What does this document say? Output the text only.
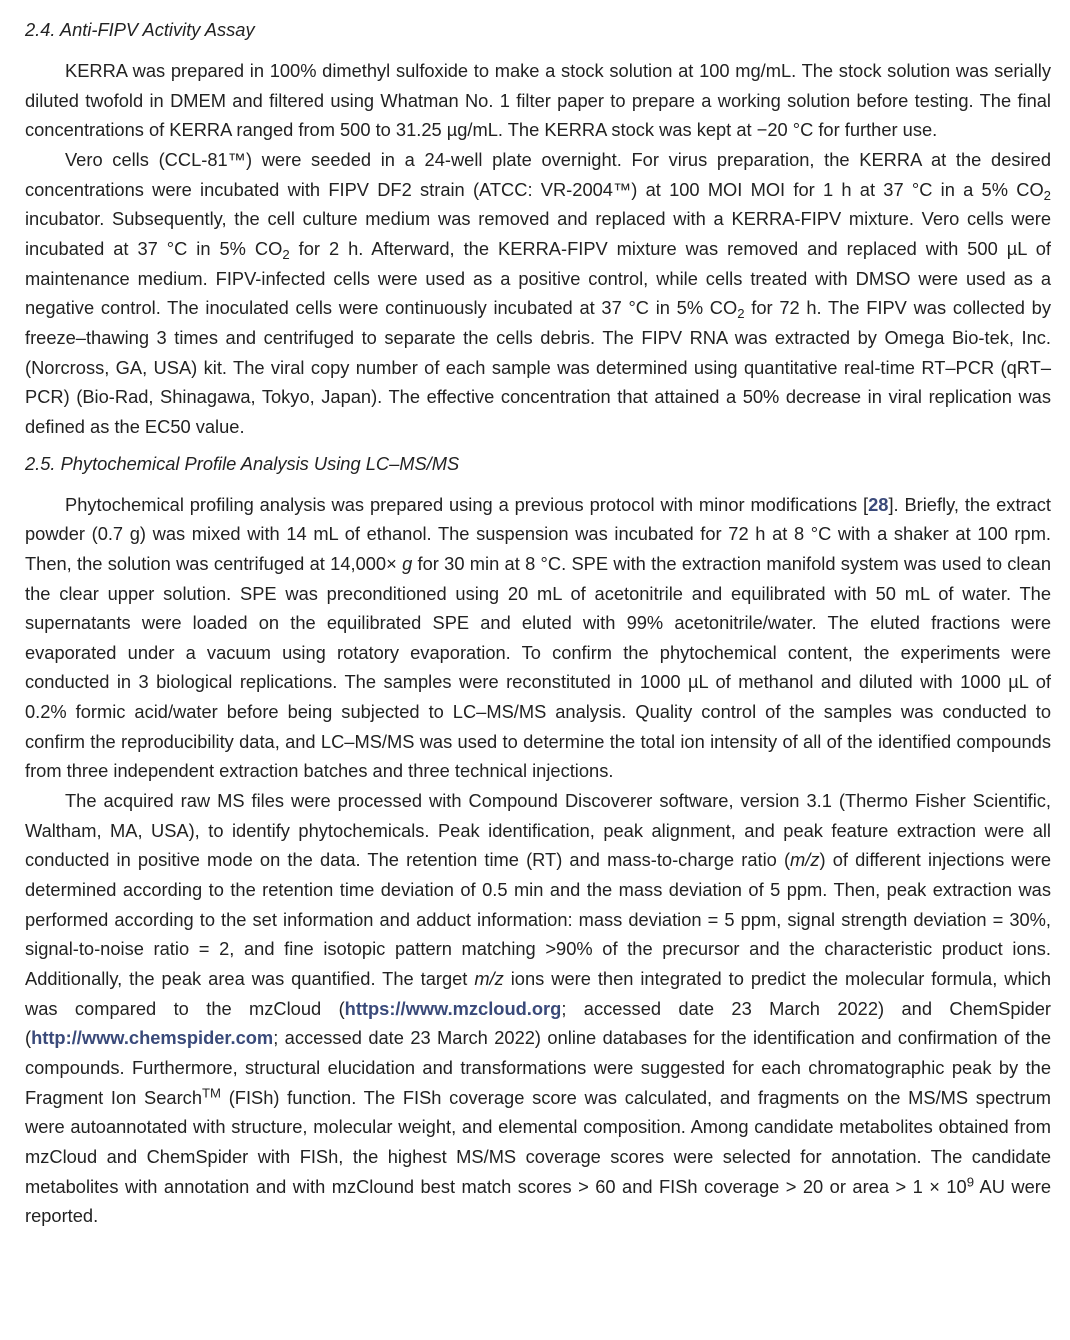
2.4. Anti-FIPV Activity Assay

KERRA was prepared in 100% dimethyl sulfoxide to make a stock solution at 100 mg/mL. The stock solution was serially diluted twofold in DMEM and filtered using Whatman No. 1 filter paper to prepare a working solution before testing. The final concentrations of KERRA ranged from 500 to 31.25 µg/mL. The KERRA stock was kept at −20 °C for further use.

Vero cells (CCL-81™) were seeded in a 24-well plate overnight. For virus preparation, the KERRA at the desired concentrations were incubated with FIPV DF2 strain (ATCC: VR-2004™) at 100 MOI MOI for 1 h at 37 °C in a 5% $CO_2$ incubator. Subsequently, the cell culture medium was removed and replaced with a KERRA-FIPV mixture. Vero cells were incubated at 37 °C in 5% $CO_2$ for 2 h. Afterward, the KERRA-FIPV mixture was removed and replaced with 500 µL of maintenance medium. FIPV-infected cells were used as a positive control, while cells treated with DMSO were used as a negative control. The inoculated cells were continuously incubated at 37 °C in 5% $CO_2$ for 72 h. The FIPV was collected by freeze–thawing 3 times and centrifuged to separate the cells debris. The FIPV RNA was extracted by Omega Bio-tek, Inc. (Norcross, GA, USA) kit. The viral copy number of each sample was determined using quantitative real-time RT–PCR (qRT–PCR) (Bio-Rad, Shinagawa, Tokyo, Japan). The effective concentration that attained a 50% decrease in viral replication was defined as the EC50 value.

2.5. Phytochemical Profile Analysis Using LC–MS/MS

Phytochemical profiling analysis was prepared using a previous protocol with minor modifications [28]. Briefly, the extract powder (0.7 g) was mixed with 14 mL of ethanol. The suspension was incubated for 72 h at 8 °C with a shaker at 100 rpm. Then, the solution was centrifuged at 14,000× g for 30 min at 8 °C. SPE with the extraction manifold system was used to clean the clear upper solution. SPE was preconditioned using 20 mL of acetonitrile and equilibrated with 50 mL of water. The supernatants were loaded on the equilibrated SPE and eluted with 99% acetonitrile/water. The eluted fractions were evaporated under a vacuum using rotatory evaporation. To confirm the phytochemical content, the experiments were conducted in 3 biological replications. The samples were reconstituted in 1000 µL of methanol and diluted with 1000 µL of 0.2% formic acid/water before being subjected to LC–MS/MS analysis. Quality control of the samples was conducted to confirm the reproducibility data, and LC–MS/MS was used to determine the total ion intensity of all of the identified compounds from three independent extraction batches and three technical injections.

The acquired raw MS files were processed with Compound Discoverer software, version 3.1 (Thermo Fisher Scientific, Waltham, MA, USA), to identify phytochemicals. Peak identification, peak alignment, and peak feature extraction were all conducted in positive mode on the data. The retention time (RT) and mass-to-charge ratio (m/z) of different injections were determined according to the retention time deviation of 0.5 min and the mass deviation of 5 ppm. Then, peak extraction was performed according to the set information and adduct information: mass deviation = 5 ppm, signal strength deviation = 30%, signal-to-noise ratio = 2, and fine isotopic pattern matching >90% of the precursor and the characteristic product ions. Additionally, the peak area was quantified. The target m/z ions were then integrated to predict the molecular formula, which was compared to the mzCloud (https://www.mzcloud.org; accessed date 23 March 2022) and ChemSpider (http://www.chemspider.com; accessed date 23 March 2022) online databases for the identification and confirmation of the compounds. Furthermore, structural elucidation and transformations were suggested for each chromatographic peak by the Fragment Ion Search™ (FISh) function. The FISh coverage score was calculated, and fragments on the MS/MS spectrum were autoannotated with structure, molecular weight, and elemental composition. Among candidate metabolites obtained from mzCloud and ChemSpider with FISh, the highest MS/MS coverage scores were selected for annotation. The candidate metabolites with annotation and with mzClound best match scores > 60 and FISh coverage > 20 or area > $1 \times 10^9$ AU were reported.
